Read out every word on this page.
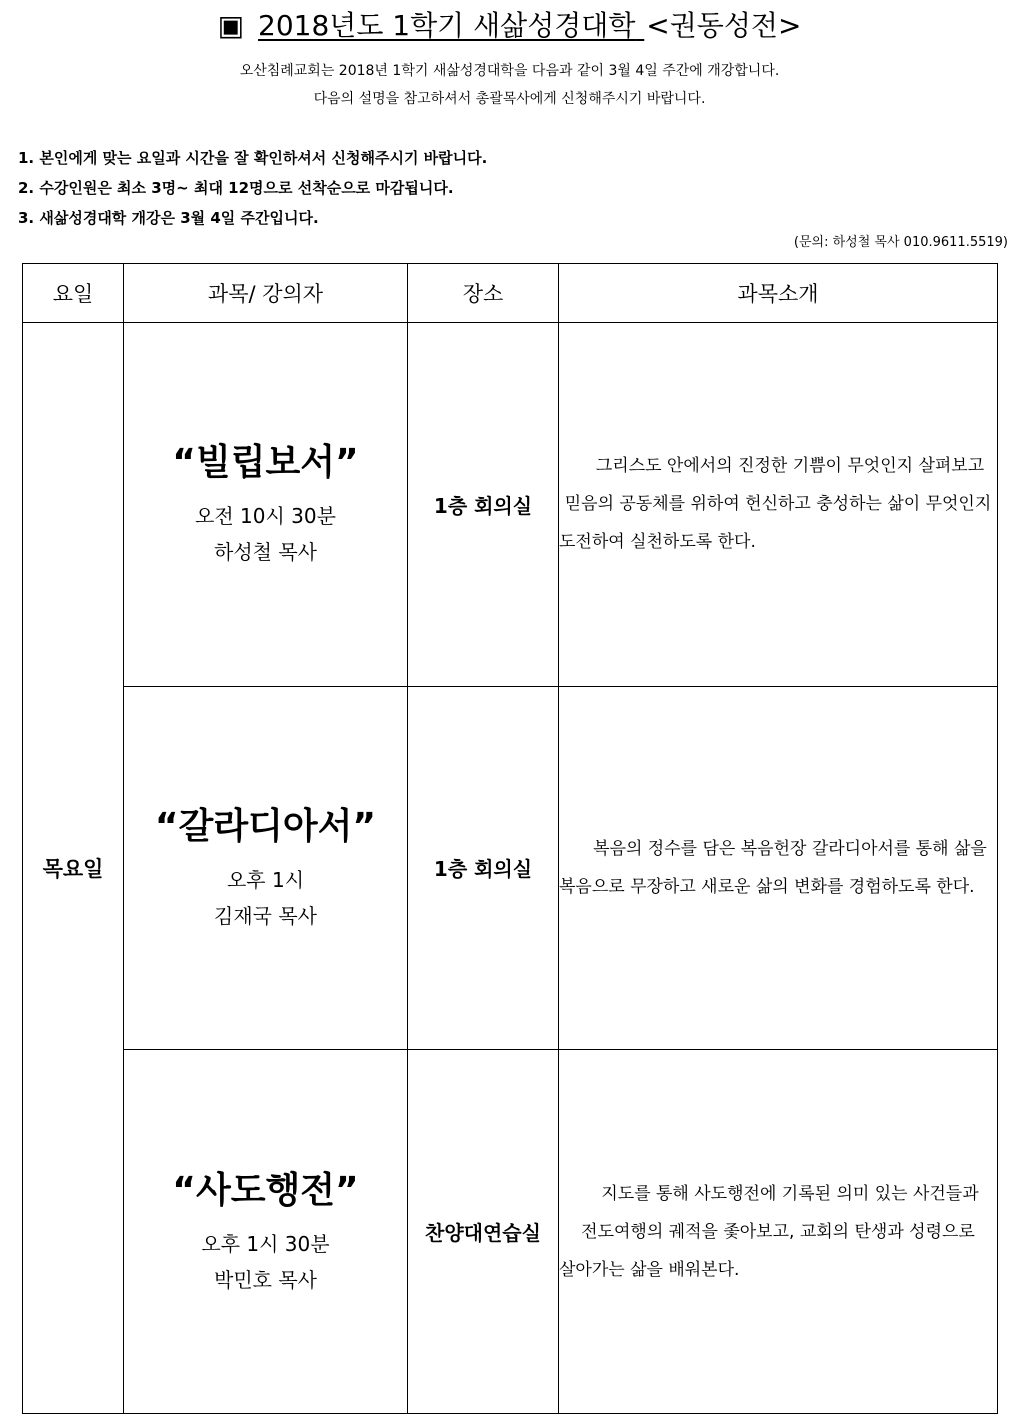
▣ 2018년도 1학기 새삶성경대학 <권동성전>
오산침례교회는 2018년 1학기 새삶성경대학을 다음과 같이 3월 4일 주간에 개강합니다.
다음의 설명을 참고하셔서 총괄목사에게 신청해주시기 바랍니다.
1. 본인에게 맞는 요일과 시간을 잘 확인하셔서 신청해주시기 바랍니다.
2. 수강인원은 최소 3명~ 최대 12명으로 선착순으로 마감됩니다.
3. 새삶성경대학 개강은 3월 4일 주간입니다.
(문의: 하성철 목사 010.9611.5519)
요일	과목/ 강의자	장소	과목소개
목요일	“빌립보서”
오전 10시 30분
하성철 목사	1층 회의실	그리스도 안에서의 진정한 기쁨이 무엇인지 살펴보고 믿음의 공동체를 위하여 헌신하고 충성하는 삶이 무엇인지 도전하여 실천하도록 한다.

	“갈라디아서”
오후 1시
김재국 목사	1층 회의실	복음의 정수를 담은 복음헌장 갈라디아서를 통해 삶을 복음으로 무장하고 새로운 삶의 변화를 경험하도록 한다.

	“사도행전”
오후 1시 30분
박민호 목사	찬양대연습실	지도를 통해 사도행전에 기록된 의미 있는 사건들과 전도여행의 궤적을 좇아보고, 교회의 탄생과 성령으로 살아가는 삶을 배워본다.
